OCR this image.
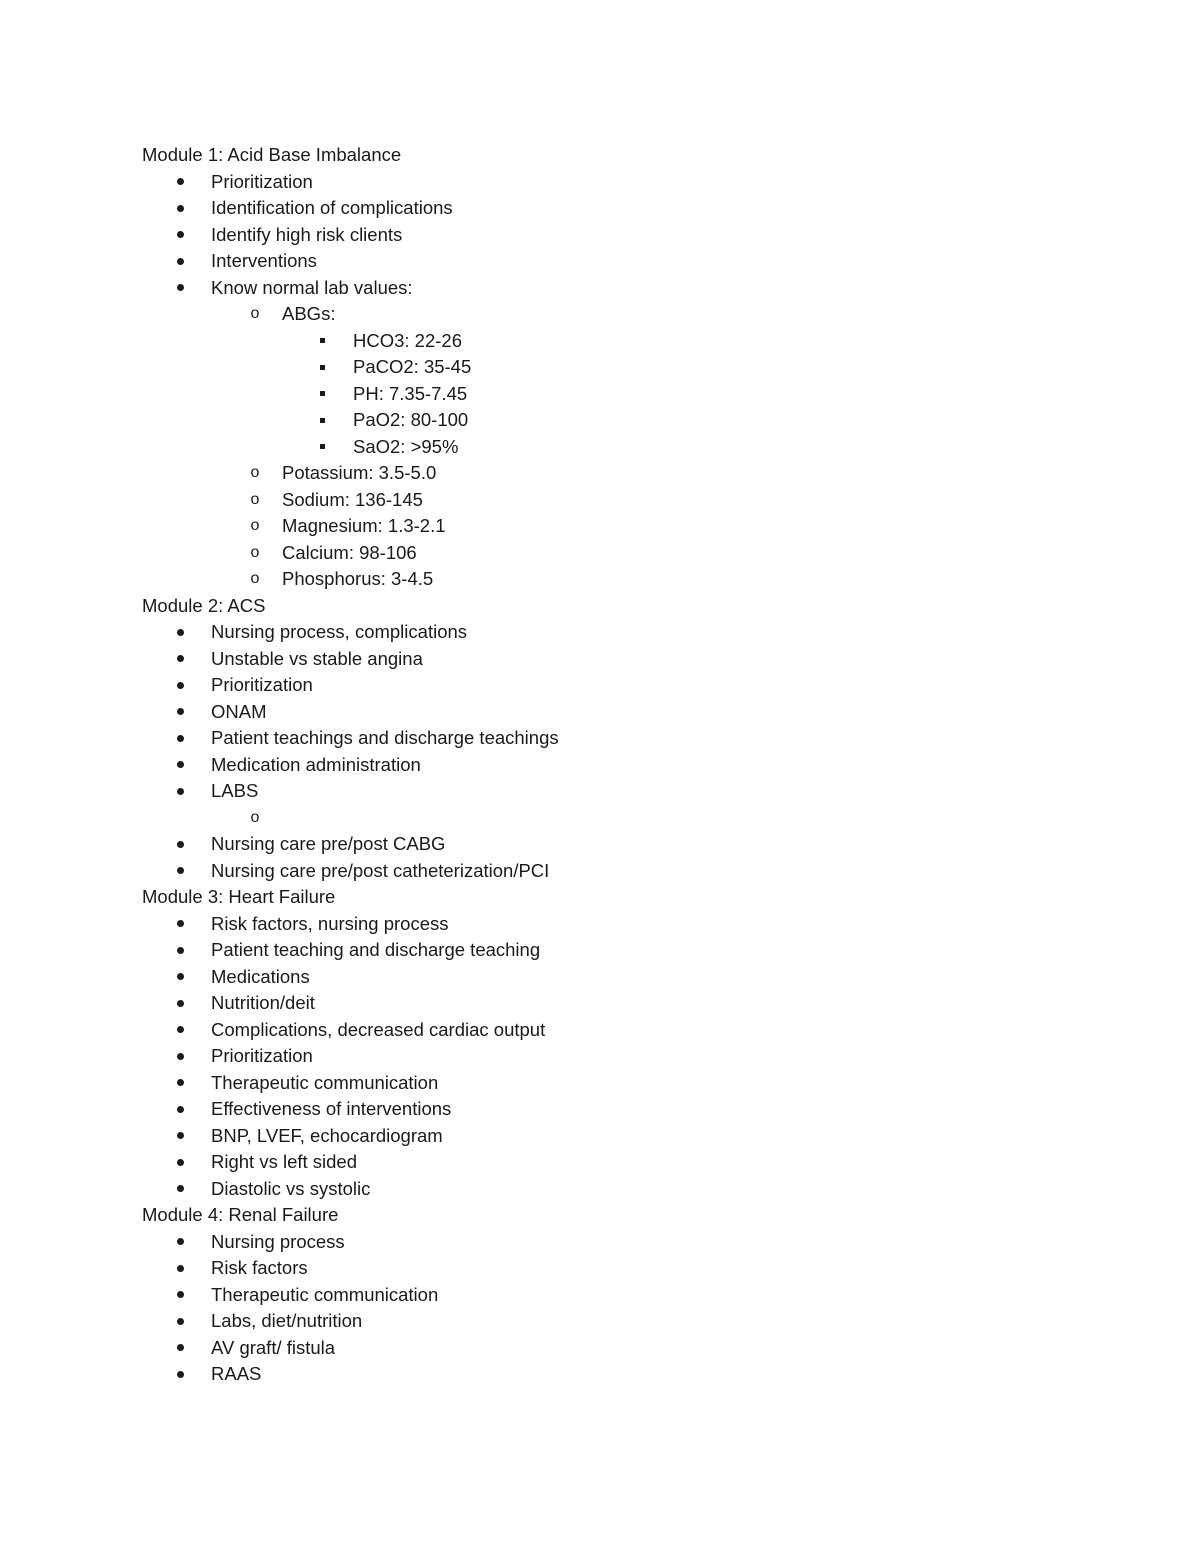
Module 1: Acid Base Imbalance
Prioritization
Identification of complications
Identify high risk clients
Interventions
Know normal lab values:
o ABGs:
HCO3: 22-26
PaCO2: 35-45
PH: 7.35-7.45
PaO2: 80-100
SaO2: >95%
o Potassium: 3.5-5.0
o Sodium: 136-145
o Magnesium: 1.3-2.1
o Calcium: 98-106
o Phosphorus: 3-4.5
Module 2: ACS
Nursing process, complications
Unstable vs stable angina
Prioritization
ONAM
Patient teachings and discharge teachings
Medication administration
LABS
o
Nursing care pre/post CABG
Nursing care pre/post catheterization/PCI
Module 3: Heart Failure
Risk factors, nursing process
Patient teaching and discharge teaching
Medications
Nutrition/deit
Complications, decreased cardiac output
Prioritization
Therapeutic communication
Effectiveness of interventions
BNP, LVEF, echocardiogram
Right vs left sided
Diastolic vs systolic
Module 4: Renal Failure
Nursing process
Risk factors
Therapeutic communication
Labs, diet/nutrition
AV graft/ fistula
RAAS
